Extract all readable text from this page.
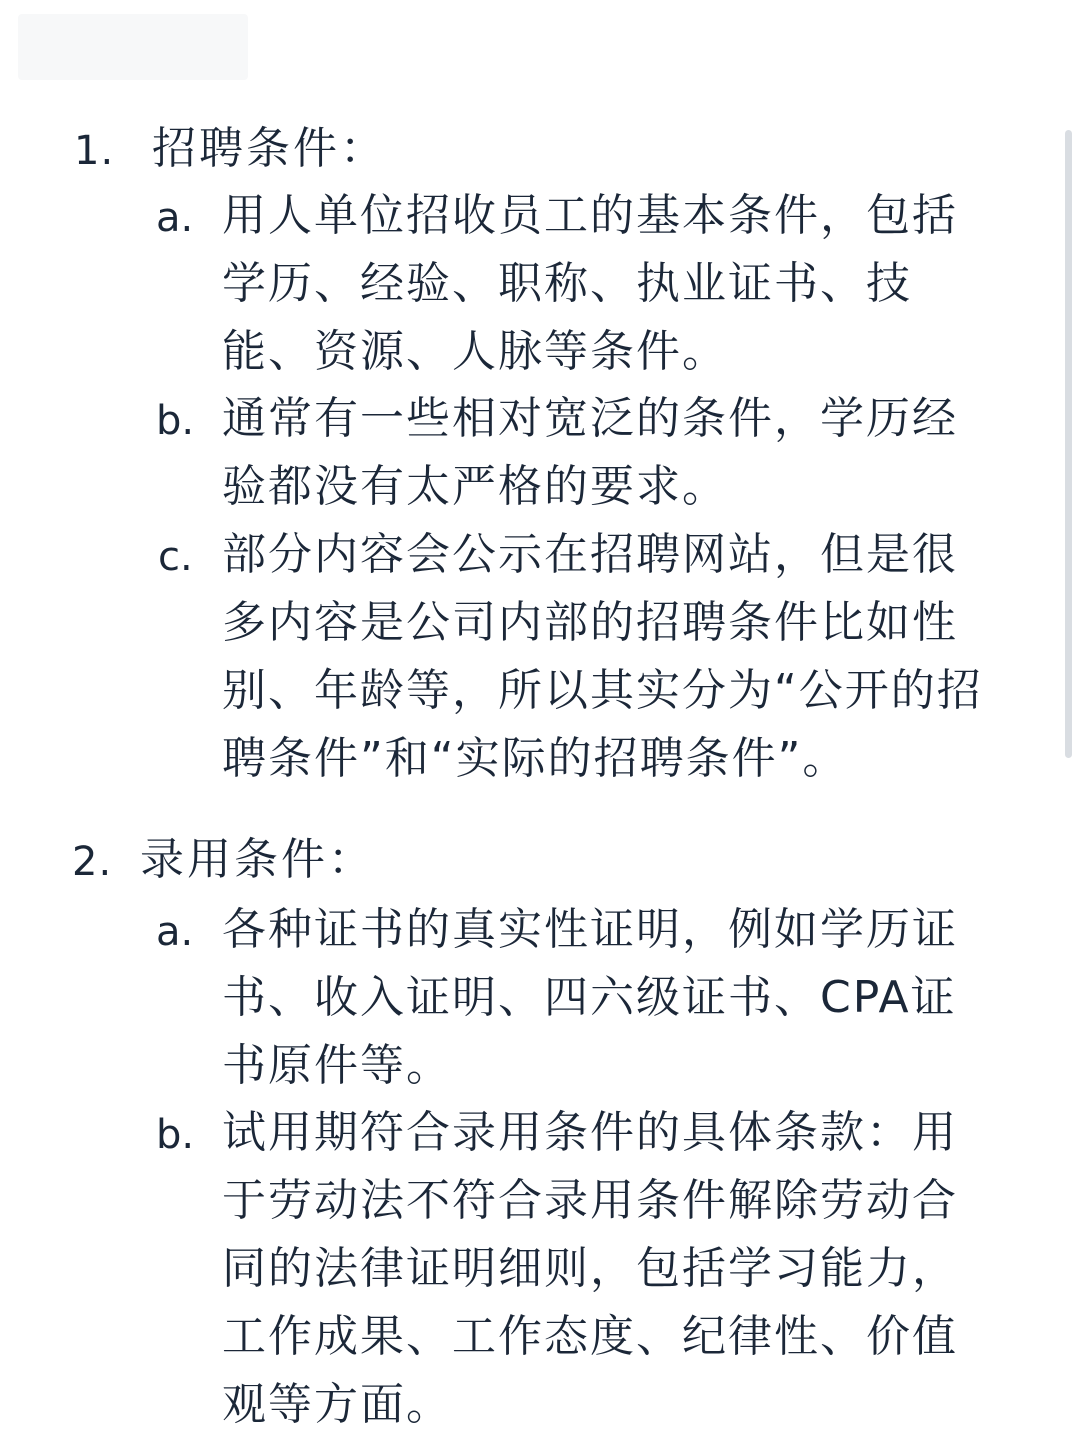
1. 招聘条件：
a. 用人单位招收员工的基本条件，包括
学历、经验、职称、执业证书、技
能、资源、人脉等条件。
b. 通常有一些相对宽泛的条件，学历经
验都没有太严格的要求。
c. 部分内容会公示在招聘网站，但是很
多内容是公司内部的招聘条件比如性
别、年龄等，所以其实分为“公开的招
聘条件”和“实际的招聘条件”。
2. 录用条件：
a. 各种证书的真实性证明，例如学历证
书、收入证明、四六级证书、CPA证
书原件等。
b. 试用期符合录用条件的具体条款：用
于劳动法不符合录用条件解除劳动合
同的法律证明细则，包括学习能力，
工作成果、工作态度、纪律性、价值
观等方面。
